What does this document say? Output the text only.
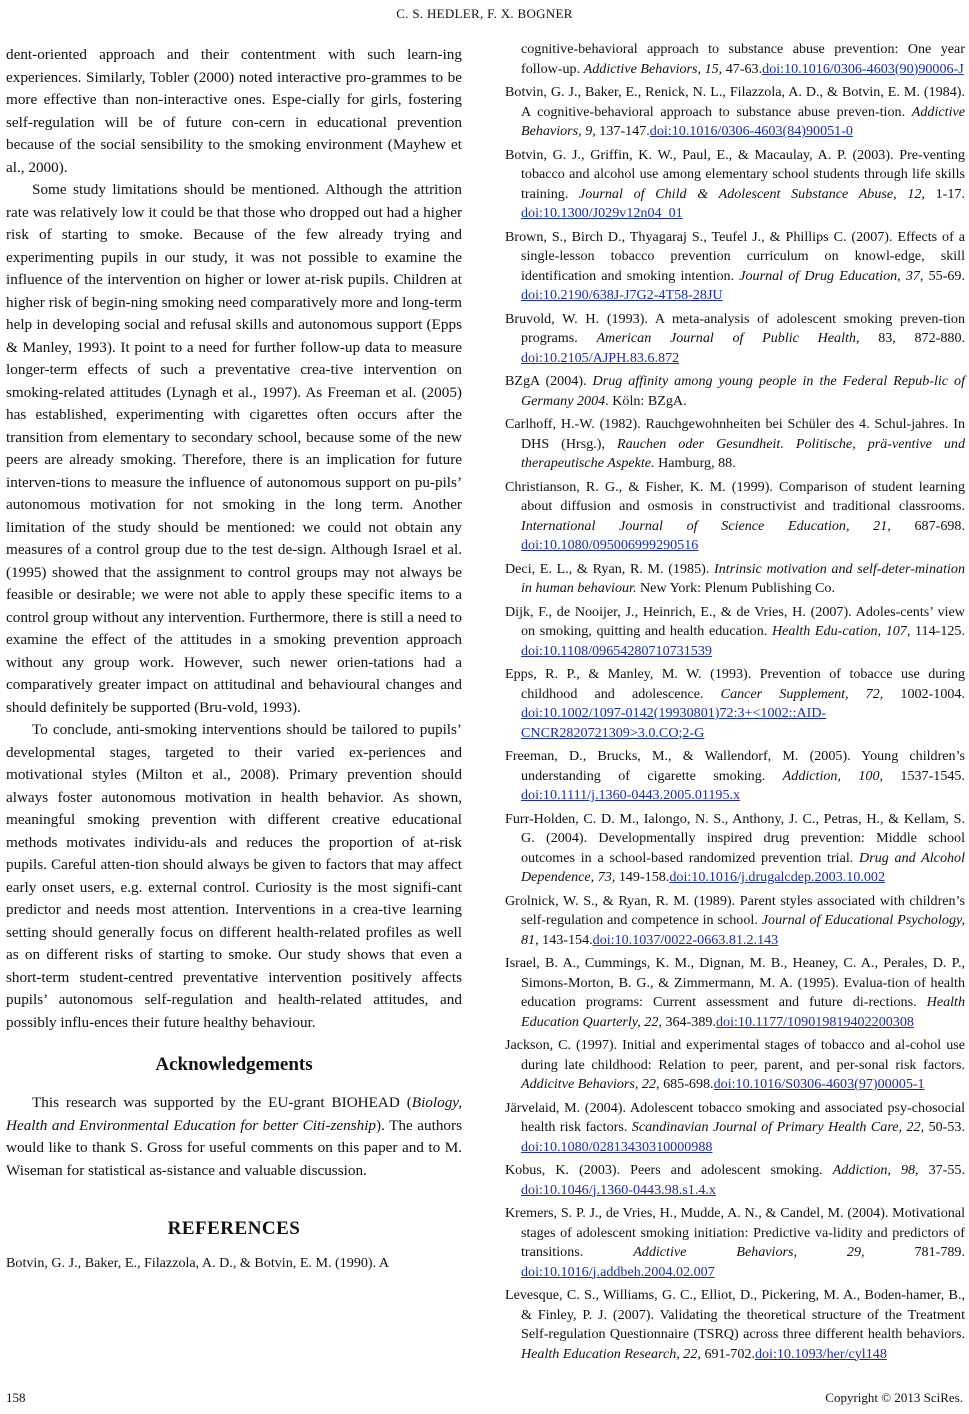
C. S. HEDLER, F. X. BOGNER

dent-oriented approach and their contentment with such learn-ing experiences. Similarly, Tobler (2000) noted interactive pro-grammes to be more effective than non-interactive ones. Espe-cially for girls, fostering self-regulation will be of future con-cern in educational prevention because of the social sensibility to the smoking environment (Mayhew et al., 2000).

Some study limitations should be mentioned. Although the attrition rate was relatively low it could be that those who dropped out had a higher risk of starting to smoke. Because of the few already trying and experimenting pupils in our study, it was not possible to examine the influence of the intervention on higher or lower at-risk pupils. Children at higher risk of begin-ning smoking need comparatively more and long-term help in developing social and refusal skills and autonomous support (Epps & Manley, 1993). It point to a need for further follow-up data to measure longer-term effects of such a preventative crea-tive intervention on smoking-related attitudes (Lynagh et al., 1997). As Freeman et al. (2005) has established, experimenting with cigarettes often occurs after the transition from elementary to secondary school, because some of the new peers are already smoking. Therefore, there is an implication for future interven-tions to measure the influence of autonomous support on pu-pils’ autonomous motivation for not smoking in the long term. Another limitation of the study should be mentioned: we could not obtain any measures of a control group due to the test de-sign. Although Israel et al. (1995) showed that the assignment to control groups may not always be feasible or desirable; we were not able to apply these specific items to a control group without any intervention. Furthermore, there is still a need to examine the effect of the attitudes in a smoking prevention approach without any group work. However, such newer orien-tations had a comparatively greater impact on attitudinal and behavioural changes and should definitely be supported (Bru-vold, 1993).

To conclude, anti-smoking interventions should be tailored to pupils’ developmental stages, targeted to their varied ex-periences and motivational styles (Milton et al., 2008). Primary prevention should always foster autonomous motivation in health behavior. As shown, meaningful smoking prevention with different creative educational methods motivates individu-als and reduces the proportion of at-risk pupils. Careful atten-tion should always be given to factors that may affect early onset users, e.g. external control. Curiosity is the most signifi-cant predictor and needs most attention. Interventions in a crea-tive learning setting should generally focus on different health-related profiles as well as on different risks of starting to smoke. Our study shows that even a short-term student-centred preventative intervention positively affects pupils’ autonomous self-regulation and health-related attitudes, and possibly influ-ences their future healthy behaviour.

Acknowledgements

This research was supported by the EU-grant BIOHEAD (Biology, Health and Environmental Education for better Citi-zenship). The authors would like to thank S. Gross for useful comments on this paper and to M. Wiseman for statistical as-sistance and valuable discussion.

REFERENCES

Botvin, G. J., Baker, E., Filazzola, A. D., & Botvin, E. M. (1990). A

cognitive-behavioral approach to substance abuse prevention: One year follow-up. Addictive Behaviors, 15, 47-63.doi:10.1016/0306-4603(90)90006-J

Botvin, G. J., Baker, E., Renick, N. L., Filazzola, A. D., & Botvin, E. M. (1984). A cognitive-behavioral approach to substance abuse preven-tion. Addictive Behaviors, 9, 137-147.doi:10.1016/0306-4603(84)90051-0

Botvin, G. J., Griffin, K. W., Paul, E., & Macaulay, A. P. (2003). Pre-venting tobacco and alcohol use among elementary school students through life skills training. Journal of Child & Adolescent Substance Abuse, 12, 1-17. doi:10.1300/J029v12n04_01

Brown, S., Birch D., Thyagaraj S., Teufel J., & Phillips C. (2007). Effects of a single-lesson tobacco prevention curriculum on knowl-edge, skill identification and smoking intention. Journal of Drug Education, 37, 55-69. doi:10.2190/638J-J7G2-4T58-28JU

Bruvold, W. H. (1993). A meta-analysis of adolescent smoking preven-tion programs. American Journal of Public Health, 83, 872-880.doi:10.2105/AJPH.83.6.872

BZgA (2004). Drug affinity among young people in the Federal Repub-lic of Germany 2004. Köln: BZgA.

Carlhoff, H.-W. (1982). Rauchgewohnheiten bei Schüler des 4. Schul-jahres. In DHS (Hrsg.), Rauchen oder Gesundheit. Politische, prä-ventive und therapeutische Aspekte. Hamburg, 88.

Christianson, R. G., & Fisher, K. M. (1999). Comparison of student learning about diffusion and osmosis in constructivist and traditional classrooms. International Journal of Science Education, 21, 687-698.doi:10.1080/095006999290516

Deci, E. L., & Ryan, R. M. (1985). Intrinsic motivation and self-deter-mination in human behaviour. New York: Plenum Publishing Co.

Dijk, F., de Nooijer, J., Heinrich, E., & de Vries, H. (2007). Adoles-cents’ view on smoking, quitting and health education. Health Edu-cation, 107, 114-125. doi:10.1108/09654280710731539

Epps, R. P., & Manley, M. W. (1993). Prevention of tobacce use during childhood and adolescence. Cancer Supplement, 72, 1002-1004.doi:10.1002/1097-0142(19930801)72:3+<1002::AID-CNCR2820721309>3.0.CO;2-G

Freeman, D., Brucks, M., & Wallendorf, M. (2005). Young children’s understanding of cigarette smoking. Addiction, 100, 1537-1545.doi:10.1111/j.1360-0443.2005.01195.x

Furr-Holden, C. D. M., Ialongo, N. S., Anthony, J. C., Petras, H., & Kellam, S. G. (2004). Developmentally inspired drug prevention: Middle school outcomes in a school-based randomized prevention trial. Drug and Alcohol Dependence, 73, 149-158.doi:10.1016/j.drugalcdep.2003.10.002

Grolnick, W. S., & Ryan, R. M. (1989). Parent styles associated with children’s self-regulation and competence in school. Journal of Educational Psychology, 81, 143-154.doi:10.1037/0022-0663.81.2.143

Israel, B. A., Cummings, K. M., Dignan, M. B., Heaney, C. A., Perales, D. P., Simons-Morton, B. G., & Zimmermann, M. A. (1995). Evalua-tion of health education programs: Current assessment and future di-rections. Health Education Quarterly, 22, 364-389.doi:10.1177/109019819402200308

Jackson, C. (1997). Initial and experimental stages of tobacco and al-cohol use during late childhood: Relation to peer, parent, and per-sonal risk factors. Addicitve Behaviors, 22, 685-698.doi:10.1016/S0306-4603(97)00005-1

Järvelaid, M. (2004). Adolescent tobacco smoking and associated psy-chosocial health risk factors. Scandinavian Journal of Primary Health Care, 22, 50-53. doi:10.1080/02813430310000988

Kobus, K. (2003). Peers and adolescent smoking. Addiction, 98, 37-55.doi:10.1046/j.1360-0443.98.s1.4.x

Kremers, S. P. J., de Vries, H., Mudde, A. N., & Candel, M. (2004). Motivational stages of adolescent smoking initiation: Predictive va-lidity and predictors of transitions. Addictive Behaviors, 29, 781-789.doi:10.1016/j.addbeh.2004.02.007

Levesque, C. S., Williams, G. C., Elliot, D., Pickering, M. A., Boden-hamer, B., & Finley, P. J. (2007). Validating the theoretical structure of the Treatment Self-regulation Questionnaire (TSRQ) across three different health behaviors. Health Education Research, 22, 691-702.doi:10.1093/her/cyl148

158	Copyright © 2013 SciRes.
